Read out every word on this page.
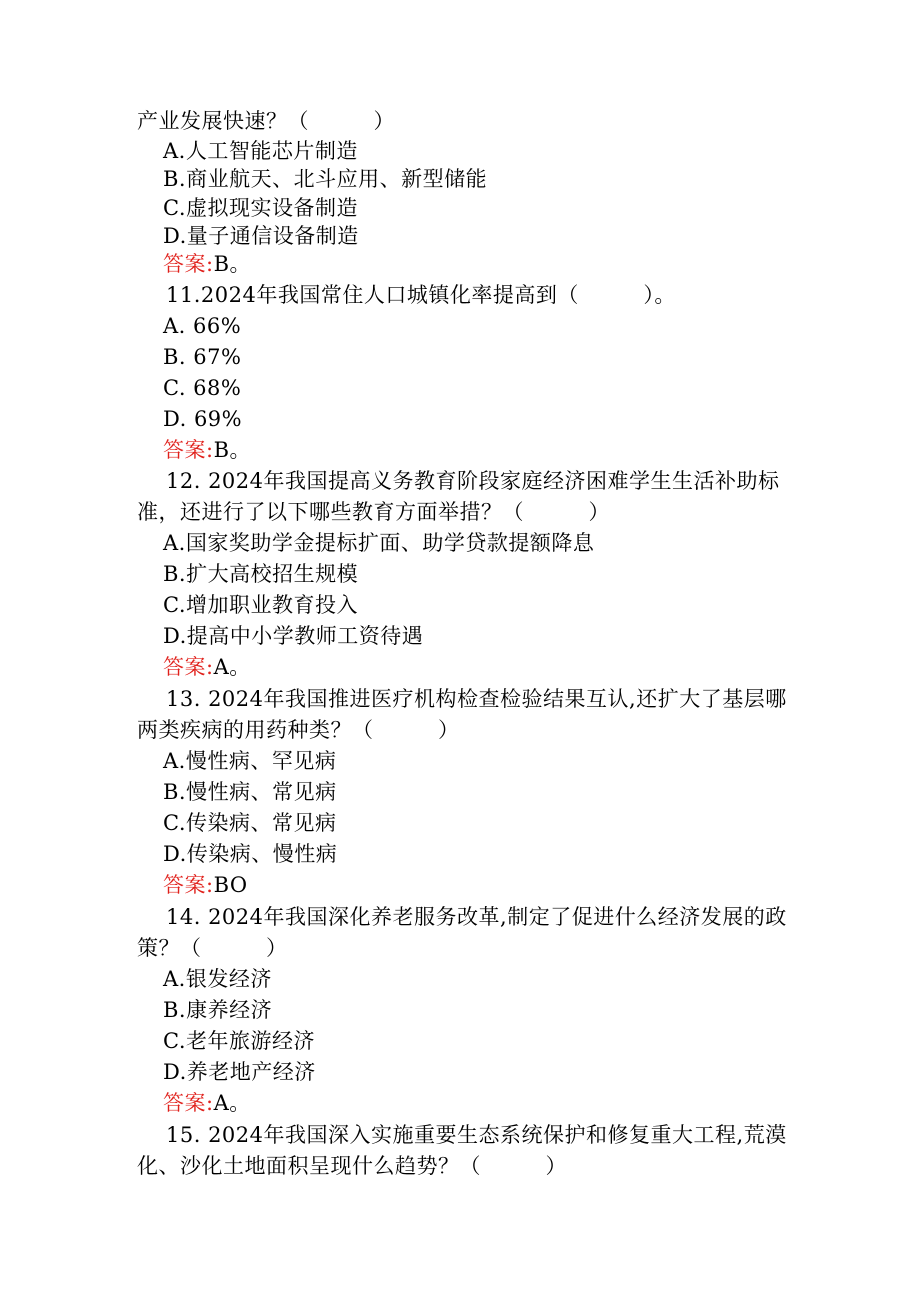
产业发展快速？（　　　）
A.人工智能芯片制造
B.商业航天、北斗应用、新型储能
C.虚拟现实设备制造
D.量子通信设备制造
答案:B。
11.2024年我国常住人口城镇化率提高到（　　　）。
A. 66%
B. 67%
C. 68%
D. 69%
答案:B。
12. 2024年我国提高义务教育阶段家庭经济困难学生生活补助标
准，还进行了以下哪些教育方面举措？（　　　）
A.国家奖助学金提标扩面、助学贷款提额降息
B.扩大高校招生规模
C.增加职业教育投入
D.提高中小学教师工资待遇
答案:A。
13. 2024年我国推进医疗机构检查检验结果互认,还扩大了基层哪
两类疾病的用药种类？（　　　）
A.慢性病、罕见病
B.慢性病、常见病
C.传染病、常见病
D.传染病、慢性病
答案:BO
14. 2024年我国深化养老服务改革,制定了促进什么经济发展的政
策？（　　　）
A.银发经济
B.康养经济
C.老年旅游经济
D.养老地产经济
答案:A。
15. 2024年我国深入实施重要生态系统保护和修复重大工程,荒漠
化、沙化土地面积呈现什么趋势？（　　　）
